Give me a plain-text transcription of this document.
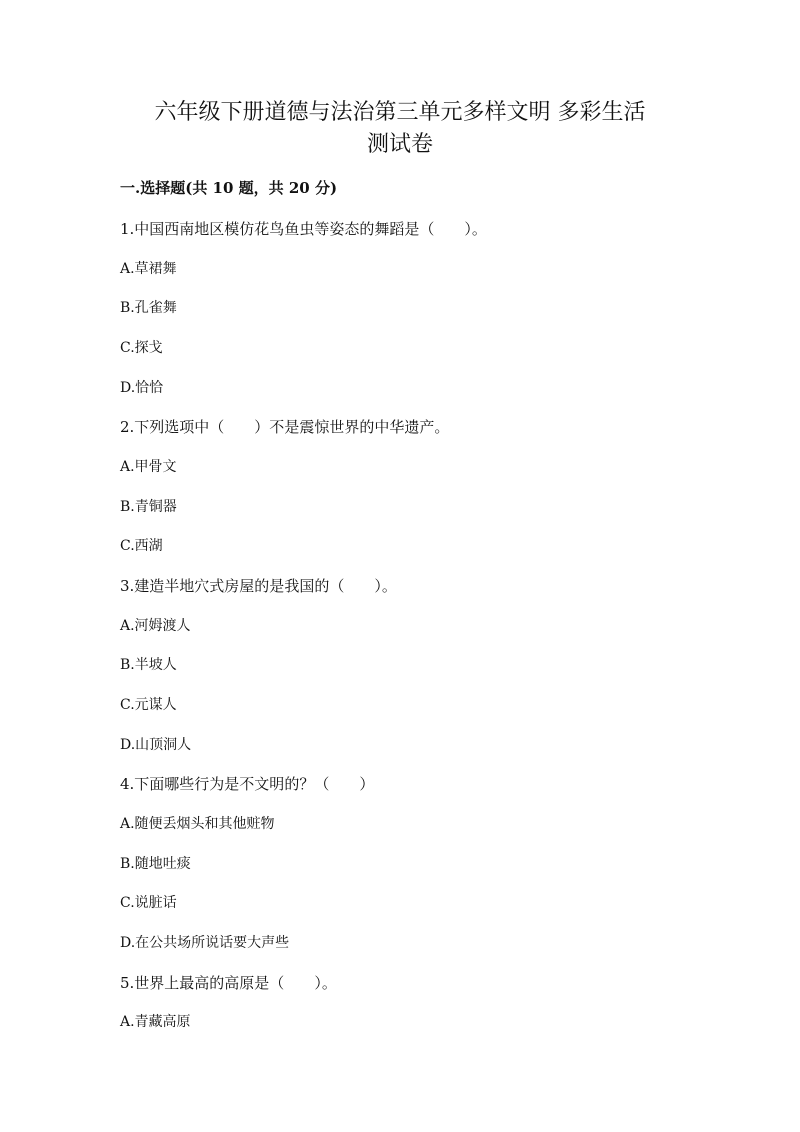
六年级下册道德与法治第三单元多样文明 多彩生活
测试卷
一.选择题(共 10 题，共 20 分)
1.中国西南地区模仿花鸟鱼虫等姿态的舞蹈是（　　）。
A.草裙舞
B.孔雀舞
C.探戈
D.恰恰
2.下列选项中（　　）不是震惊世界的中华遗产。
A.甲骨文
B.青铜器
C.西湖
3.建造半地穴式房屋的是我国的（　　）。
A.河姆渡人
B.半坡人
C.元谋人
D.山顶洞人
4.下面哪些行为是不文明的？（　　）
A.随便丢烟头和其他赃物
B.随地吐痰
C.说脏话
D.在公共场所说话要大声些
5.世界上最高的高原是（　　）。
A.青藏高原
